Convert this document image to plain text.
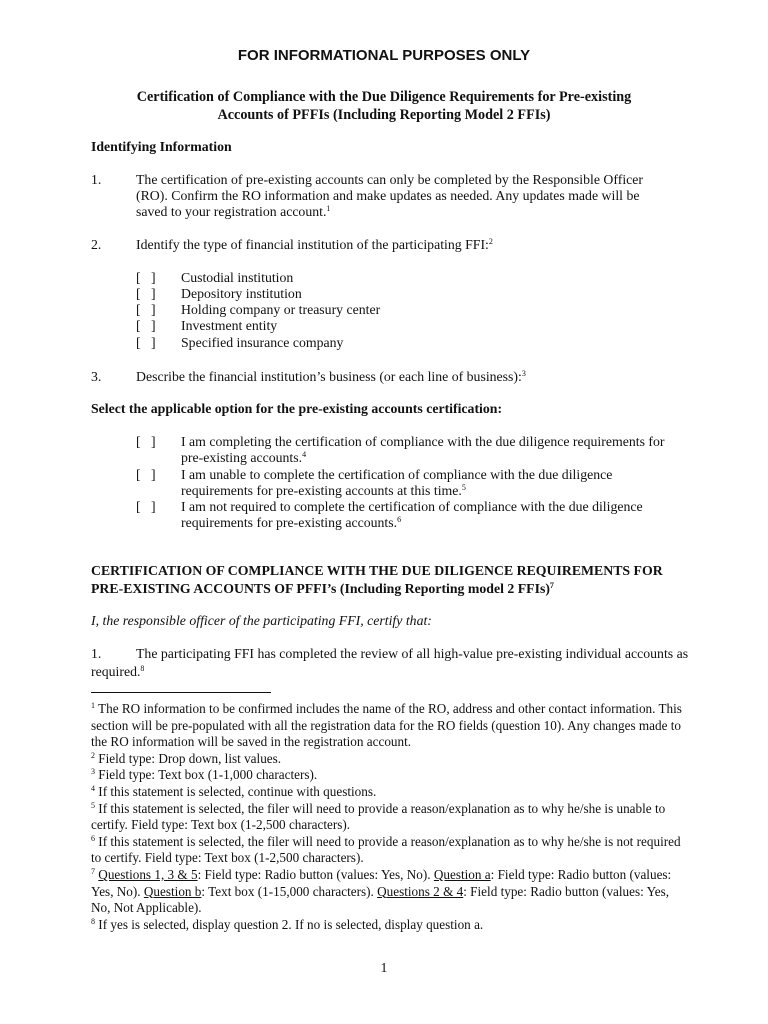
FOR INFORMATIONAL PURPOSES ONLY
Certification of Compliance with the Due Diligence Requirements for Pre-existing
Accounts of PFFIs (Including Reporting Model 2 FFIs)
Identifying Information
1.	The certification of pre-existing accounts can only be completed by the Responsible Officer (RO). Confirm the RO information and make updates as needed. Any updates made will be saved to your registration account.$^1$
2.	Identify the type of financial institution of the participating FFI:$^2$
[   ] Custodial institution
[   ] Depository institution
[   ] Holding company or treasury center
[   ] Investment entity
[   ] Specified insurance company
3.	Describe the financial institution’s business (or each line of business):$^3$
Select the applicable option for the pre-existing accounts certification:
[   ] I am completing the certification of compliance with the due diligence requirements for pre-existing accounts.$^4$
[   ] I am unable to complete the certification of compliance with the due diligence requirements for pre-existing accounts at this time.$^5$
[   ] I am not required to complete the certification of compliance with the due diligence requirements for pre-existing accounts.$^6$
CERTIFICATION OF COMPLIANCE WITH THE DUE DILIGENCE REQUIREMENTS FOR
PRE-EXISTING ACCOUNTS OF PFFI’s (Including Reporting model 2 FFIs)$^7$
I, the responsible officer of the participating FFI, certify that:
1.	The participating FFI has completed the review of all high-value pre-existing individual accounts as required.$^8$

$^1$ The RO information to be confirmed includes the name of the RO, address and other contact information. This section will be pre-populated with all the registration data for the RO fields (question 10). Any changes made to the RO information will be saved in the registration account.

$^2$ Field type: Drop down, list values.

$^3$ Field type: Text box (1-1,000 characters).

$^4$ If this statement is selected, continue with questions.

$^5$ If this statement is selected, the filer will need to provide a reason/explanation as to why he/she is unable to certify. Field type: Text box (1-2,500 characters).

$^6$ If this statement is selected, the filer will need to provide a reason/explanation as to why he/she is not required to certify. Field type: Text box (1-2,500 characters).

$^7$ Questions 1, 3 & 5: Field type: Radio button (values: Yes, No). Question a: Field type: Radio button (values: Yes, No). Question b: Text box (1-15,000 characters). Questions 2 & 4: Field type: Radio button (values: Yes, No, Not Applicable).

$^8$ If yes is selected, display question 2. If no is selected, display question a.

1
